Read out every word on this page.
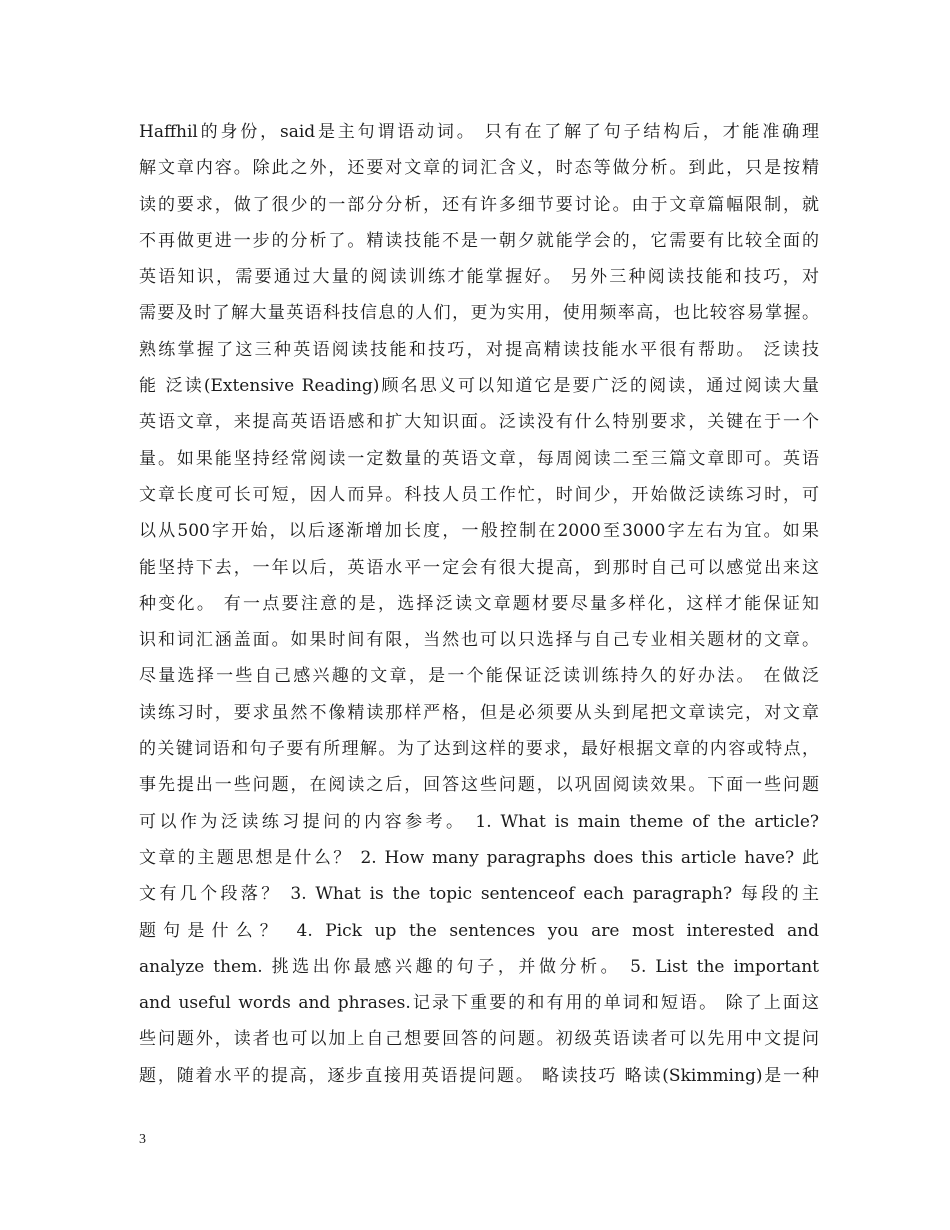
Haffhil的身份，said是主句谓语动词。 只有在了解了句子结构后，才能准确理
解文章内容。除此之外，还要对文章的词汇含义，时态等做分析。到此，只是按精
读的要求，做了很少的一部分分析，还有许多细节要讨论。由于文章篇幅限制，就
不再做更进一步的分析了。精读技能不是一朝夕就能学会的，它需要有比较全面的
英语知识，需要通过大量的阅读训练才能掌握好。 另外三种阅读技能和技巧，对
需要及时了解大量英语科技信息的人们，更为实用，使用频率高，也比较容易掌握。
熟练掌握了这三种英语阅读技能和技巧，对提高精读技能水平很有帮助。 泛读技
能 泛读(Extensive Reading)顾名思义可以知道它是要广泛的阅读，通过阅读大量
英语文章，来提高英语语感和扩大知识面。泛读没有什么特别要求，关键在于一个
量。如果能坚持经常阅读一定数量的英语文章，每周阅读二至三篇文章即可。英语
文章长度可长可短，因人而异。科技人员工作忙，时间少，开始做泛读练习时，可
以从500字开始，以后逐渐增加长度，一般控制在2000至3000字左右为宜。如果
能坚持下去，一年以后，英语水平一定会有很大提高，到那时自己可以感觉出来这
种变化。 有一点要注意的是，选择泛读文章题材要尽量多样化，这样才能保证知
识和词汇涵盖面。如果时间有限，当然也可以只选择与自己专业相关题材的文章。
尽量选择一些自己感兴趣的文章，是一个能保证泛读训练持久的好办法。 在做泛
读练习时，要求虽然不像精读那样严格，但是必须要从头到尾把文章读完，对文章
的关键词语和句子要有所理解。为了达到这样的要求，最好根据文章的内容或特点，
事先提出一些问题，在阅读之后，回答这些问题，以巩固阅读效果。下面一些问题
可以作为泛读练习提问的内容参考。 1. What is main theme of the article?
文章的主题思想是什么？ 2. How many paragraphs does this article have? 此
文有几个段落？ 3. What is the topic sentenceof each paragraph? 每段的主
题句是什么？ 4. Pick up the sentences you are most interested and
analyze them. 挑选出你最感兴趣的句子，并做分析。 5. List the important
and useful words and phrases.记录下重要的和有用的单词和短语。 除了上面这
些问题外，读者也可以加上自己想要回答的问题。初级英语读者可以先用中文提问
题，随着水平的提高，逐步直接用英语提问题。 略读技巧 略读(Skimming)是一种
3
